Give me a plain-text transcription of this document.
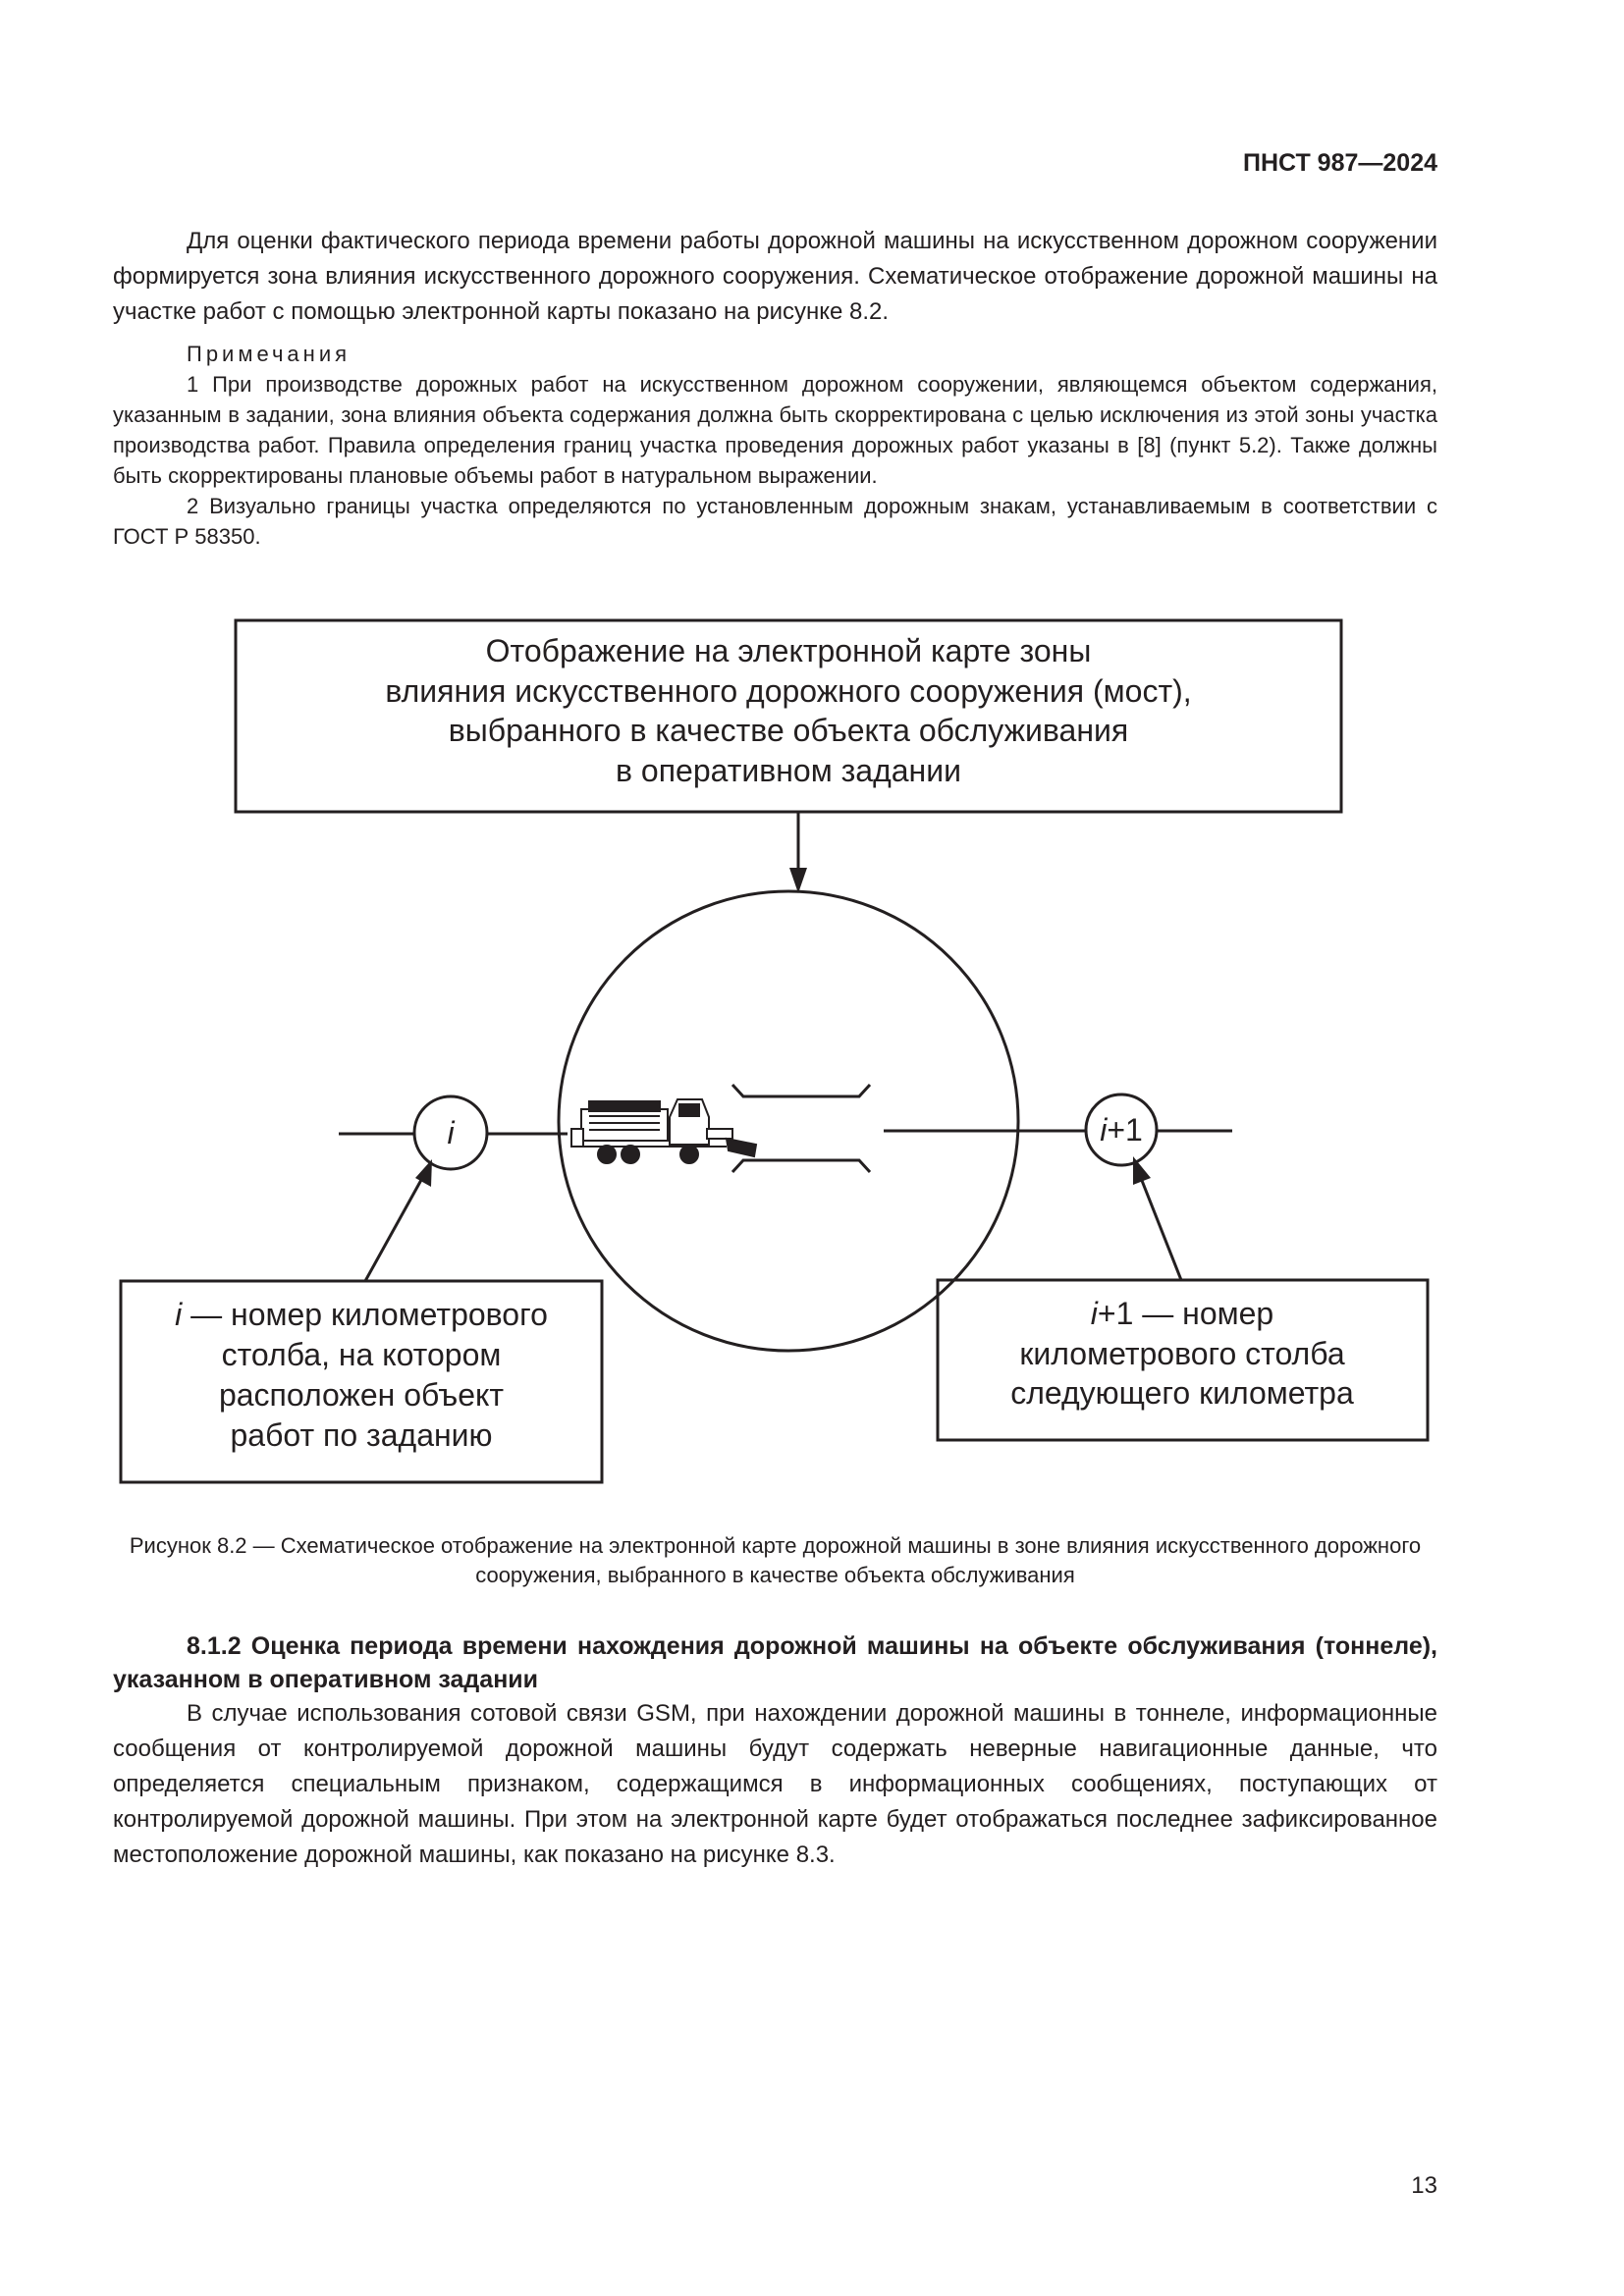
ПНСТ 987—2024

Для оценки фактического периода времени работы дорожной машины на искусственном дорожном сооружении формируется зона влияния искусственного дорожного сооружения. Схематическое отображение дорожной машины на участке работ с помощью электронной карты показано на рисунке 8.2.

Примечания

1 При производстве дорожных работ на искусственном дорожном сооружении, являющемся объектом содержания, указанным в задании, зона влияния объекта содержания должна быть скорректирована с целью исключения из этой зоны участка производства работ. Правила определения границ участка проведения дорожных работ указаны в [8] (пункт 5.2). Также должны быть скорректированы плановые объемы работ в натуральном выражении.

2 Визуально границы участка определяются по установленным дорожным знакам, устанавливаемым в соответствии с ГОСТ Р 58350.

Отображение на электронной карте зоны
влияния искусственного дорожного сооружения (мост),
выбранного в качестве объекта обслуживания
в оперативном задании
i	i+1
i — номер километрового
столба, на котором
расположен объект
работ по заданию
i+1 — номер
километрового столба
следующего километра

Рисунок 8.2 — Схематическое отображение на электронной карте дорожной машины в зоне влияния искусственного дорожного сооружения, выбранного в качестве объекта обслуживания

8.1.2 Оценка периода времени нахождения дорожной машины на объекте обслуживания (тоннеле), указанном в оперативном задании

В случае использования сотовой связи GSM, при нахождении дорожной машины в тоннеле, информационные сообщения от контролируемой дорожной машины будут содержать неверные навигационные данные, что определяется специальным признаком, содержащимся в информационных сообщениях, поступающих от контролируемой дорожной машины. При этом на электронной карте будет отображаться последнее зафиксированное местоположение дорожной машины, как показано на рисунке 8.3.

13
